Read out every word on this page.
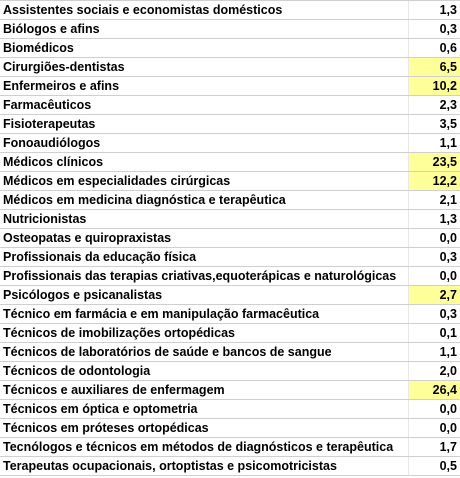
Assistentes sociais e economistas domésticos	1,3
Biólogos e afins	0,3
Biomédicos	0,6
Cirurgiões-dentistas	6,5
Enfermeiros e afins	10,2
Farmacêuticos	2,3
Fisioterapeutas	3,5
Fonoaudiólogos	1,1
Médicos clínicos	23,5
Médicos em especialidades cirúrgicas	12,2
Médicos em medicina diagnóstica e terapêutica	2,1
Nutricionistas	1,3
Osteopatas e quiropraxistas	0,0
Profissionais da educação física	0,3
Profissionais das terapias criativas,equoterápicas e naturológicas	0,0
Psicólogos e psicanalistas	2,7
Técnico em farmácia e em manipulação farmacêutica	0,3
Técnicos de imobilizações ortopédicas	0,1
Técnicos de laboratórios de saúde e bancos de sangue	1,1
Técnicos de odontologia	2,0
Técnicos e auxiliares de enfermagem	26,4
Técnicos em óptica e optometria	0,0
Técnicos em próteses ortopédicas	0,0
Tecnólogos e técnicos em métodos de diagnósticos e terapêutica	1,7
Terapeutas ocupacionais, ortoptistas e psicomotricistas	0,5
